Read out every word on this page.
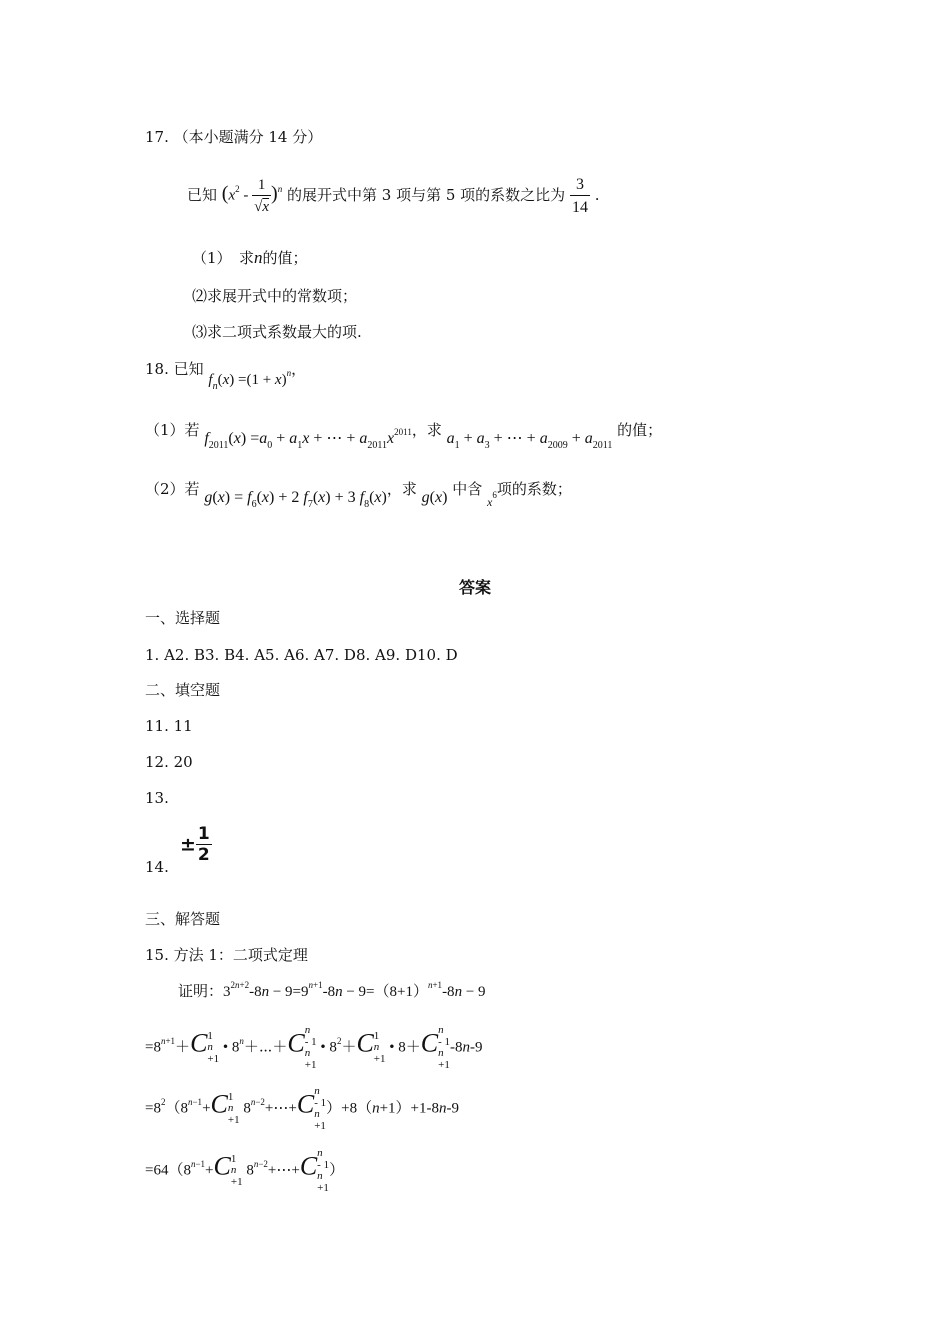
17. （本小题满分 14 分）
已知 $(x^2 - \frac{1}{√x} )^n$ 的展开式中第 3 项与第 5 项的系数之比为 $\frac{3}{14}$ .
（1）　求n的值；
⑵求展开式中的常数项；
⑶求二项式系数最大的项.
18. 已知 $f_n(x) =(1 + x)^n$，
（1）若 $f_{2011}(x) =a_0 + a_1x$ + ⋯ + $a_{2011}x^{2011}$，求 $a_1 + a_3$ + ⋯ + $a_{2009} + a_{2011}$ 的值；
（2）若 $g(x) = f_6(x) + 2$ $f_7(x) + 3$ $f_8(x)$，求 g(x) 中含 $_{x^6}$项的系数；
答案
一、选择题
1. A2. B3. B4. A5. A6. A7. D8. A9. D10. D
二、填空题
11. 11
12. 20
13.
± $\frac{1}{2}$
14.
三、解答题
15. 方法 1：二项式定理
证明：$3^{2n+2}-8n - 9=9^{n+1}-8n - 9=(8+1)^{n+1}-8n - 9$
$=8^{n+1}+C$ 1
n
+1
• $8^n+\cdots+C$ n
- 1
n
+1
• $8^2+C$ 1
n
+1
• 8＋C n
- 1
n
+1
-8n-9
$=8^2(8^{n-1}+C$ 1
n
+1
$8^{n-2}+\cdots+C$ n
- 1
n
+1
）+8（n+1）+1-8n-9
$=64(8^{n-1}+C$ 1
n
+1
$8^{n-2}+\cdots+C$ n
- 1
n
+1
）
